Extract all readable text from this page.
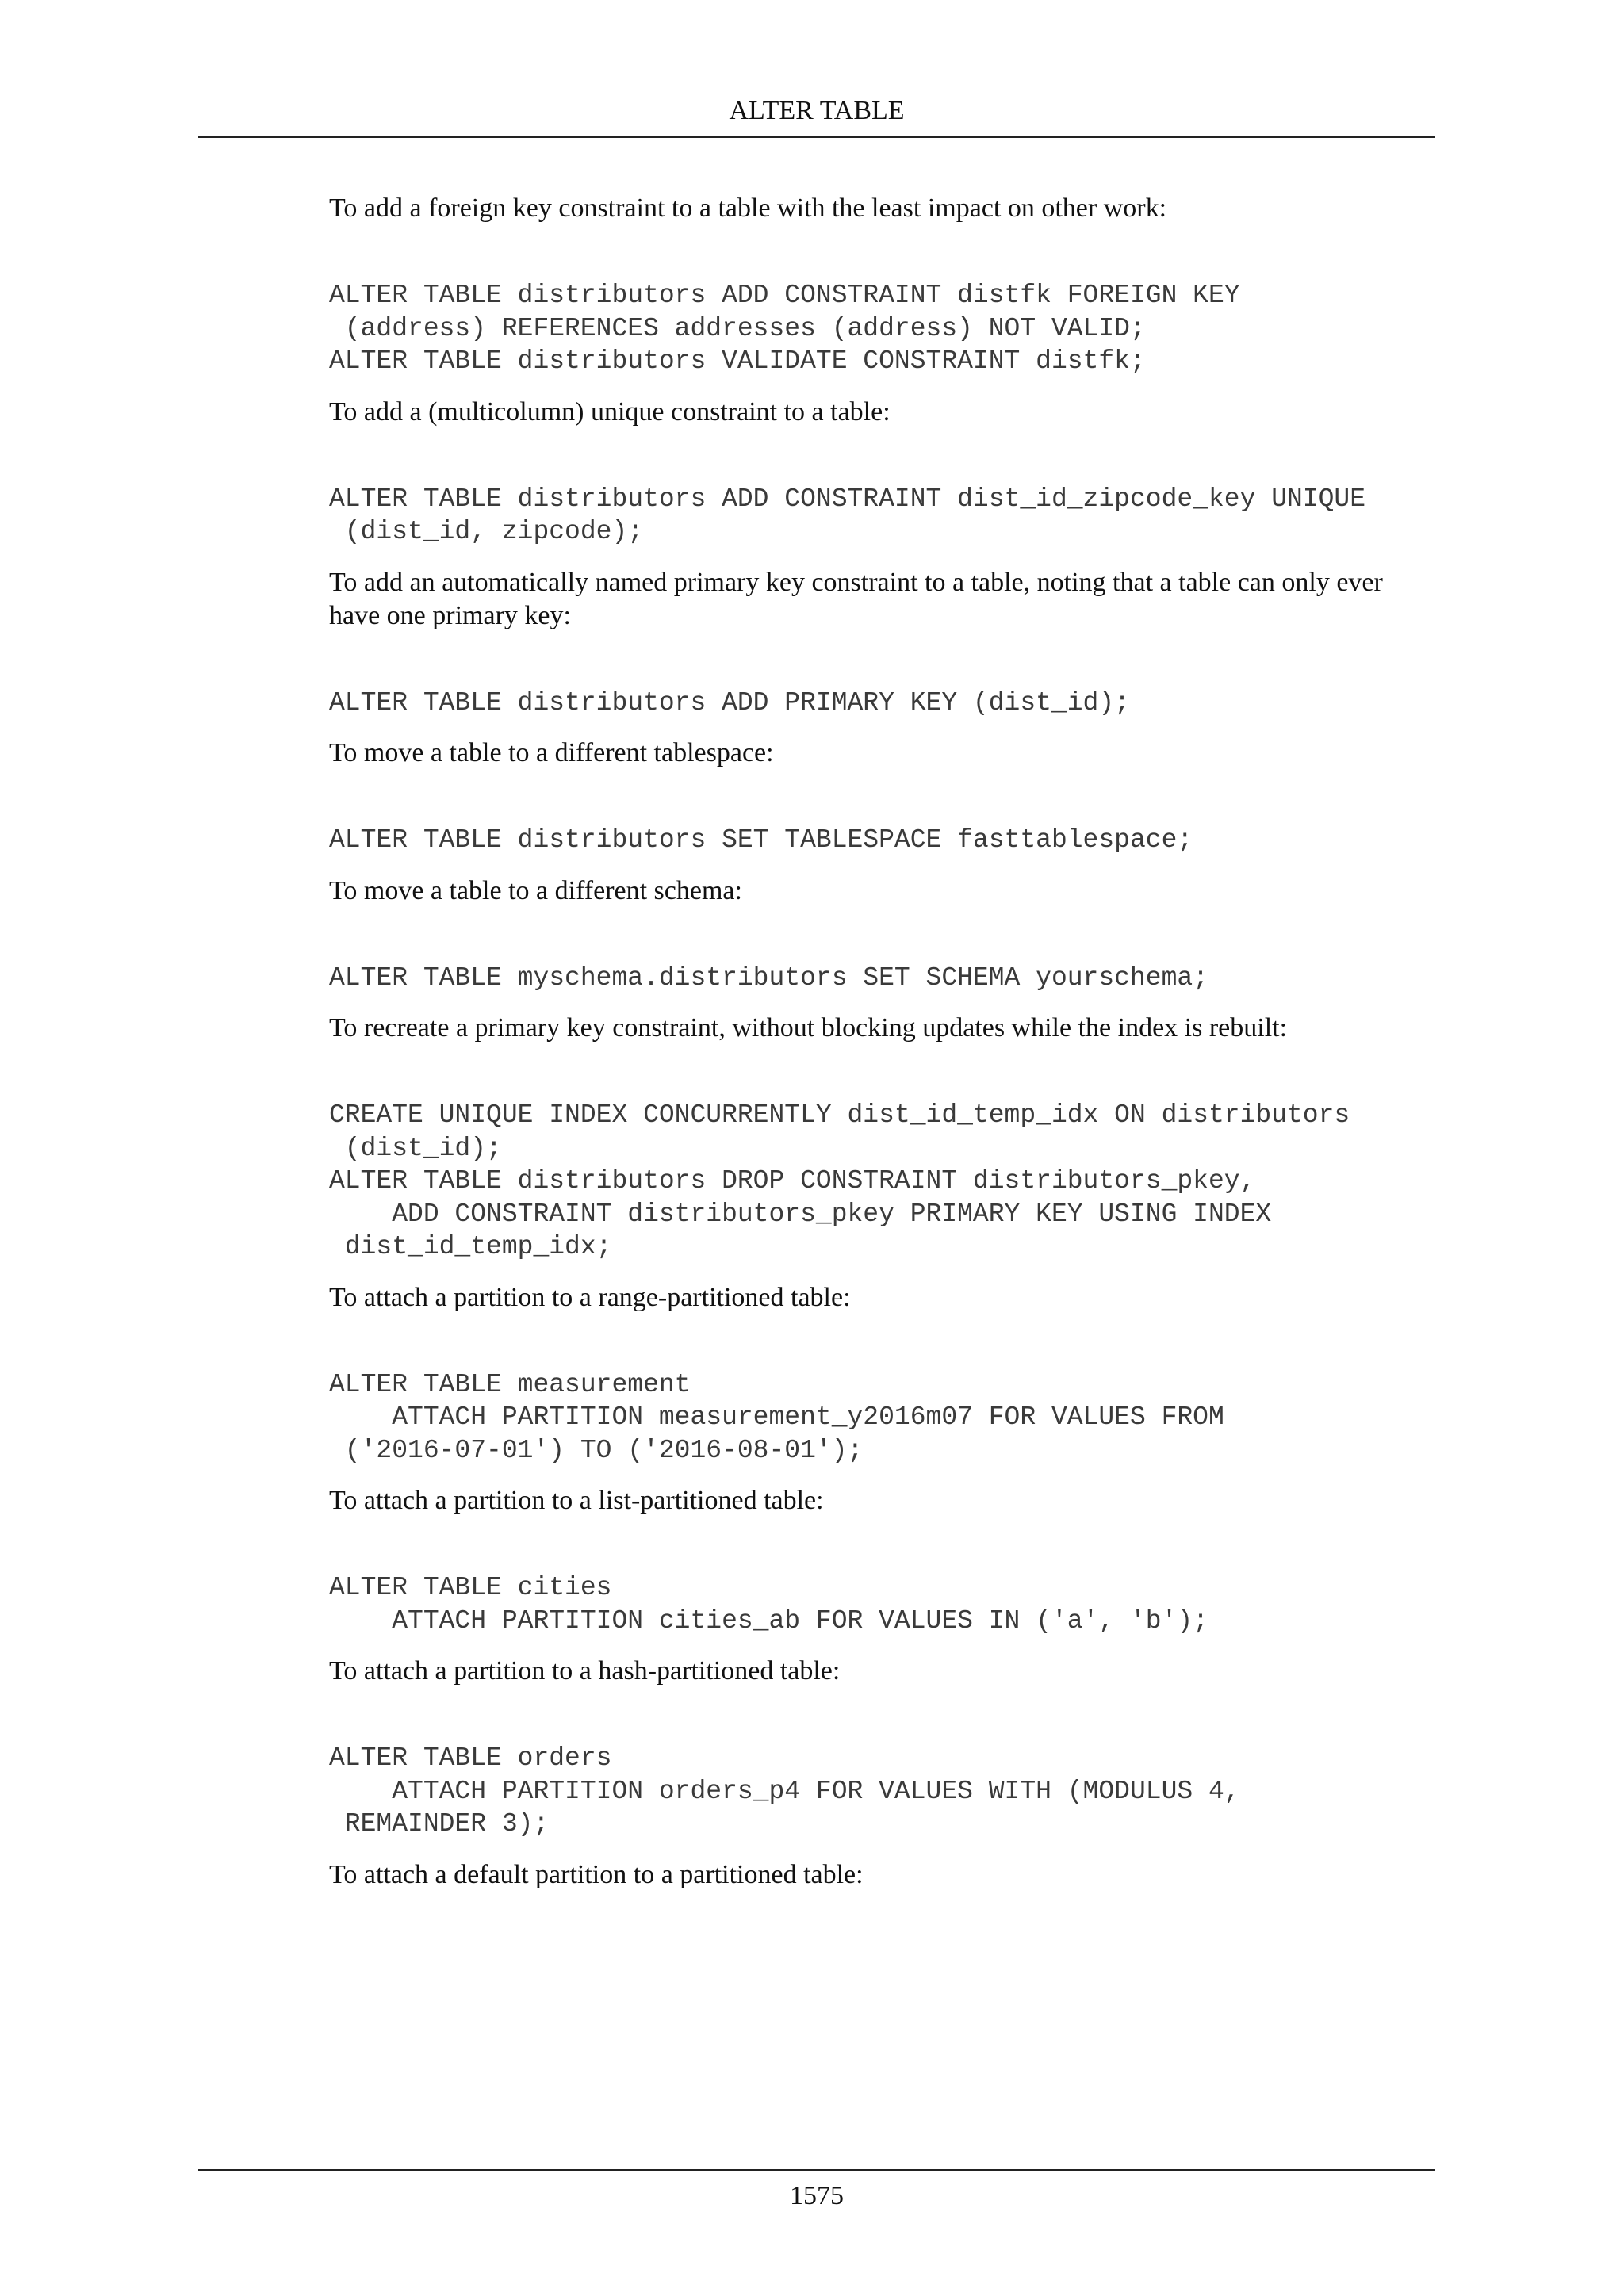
ALTER TABLE

To add a foreign key constraint to a table with the least impact on other work:

ALTER TABLE distributors ADD CONSTRAINT distfk FOREIGN KEY
(address) REFERENCES addresses (address) NOT VALID;
ALTER TABLE distributors VALIDATE CONSTRAINT distfk;

To add a (multicolumn) unique constraint to a table:

ALTER TABLE distributors ADD CONSTRAINT dist_id_zipcode_key UNIQUE
(dist_id, zipcode);

To add an automatically named primary key constraint to a table, noting that a table can only ever
have one primary key:

ALTER TABLE distributors ADD PRIMARY KEY (dist_id);

To move a table to a different tablespace:

ALTER TABLE distributors SET TABLESPACE fasttablespace;

To move a table to a different schema:

ALTER TABLE myschema.distributors SET SCHEMA yourschema;

To recreate a primary key constraint, without blocking updates while the index is rebuilt:

CREATE UNIQUE INDEX CONCURRENTLY dist_id_temp_idx ON distributors
(dist_id);
ALTER TABLE distributors DROP CONSTRAINT distributors_pkey,
ADD CONSTRAINT distributors_pkey PRIMARY KEY USING INDEX
dist_id_temp_idx;

To attach a partition to a range-partitioned table:

ALTER TABLE measurement
ATTACH PARTITION measurement_y2016m07 FOR VALUES FROM
('2016-07-01') TO ('2016-08-01');

To attach a partition to a list-partitioned table:

ALTER TABLE cities
ATTACH PARTITION cities_ab FOR VALUES IN ('a', 'b');

To attach a partition to a hash-partitioned table:

ALTER TABLE orders
ATTACH PARTITION orders_p4 FOR VALUES WITH (MODULUS 4,
REMAINDER 3);

To attach a default partition to a partitioned table:

1575
